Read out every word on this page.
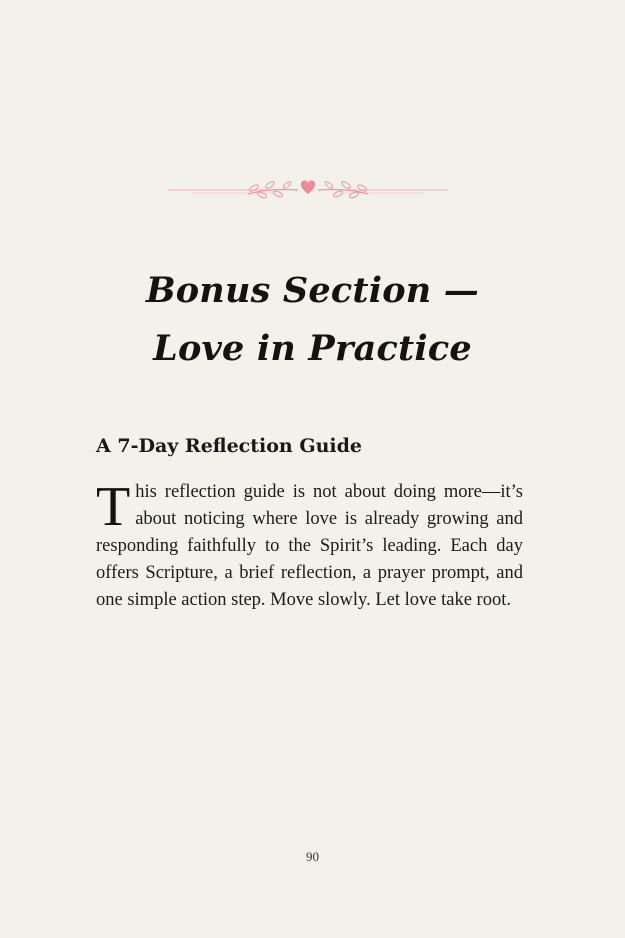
Bonus Section —
Love in Practice
A 7-Day Reflection Guide
This reflection guide is not about doing more—it’s about noticing where love is already growing and responding faithfully to the Spirit’s leading. Each day offers Scripture, a brief reflection, a prayer prompt, and one simple action step. Move slowly. Let love take root.
90
